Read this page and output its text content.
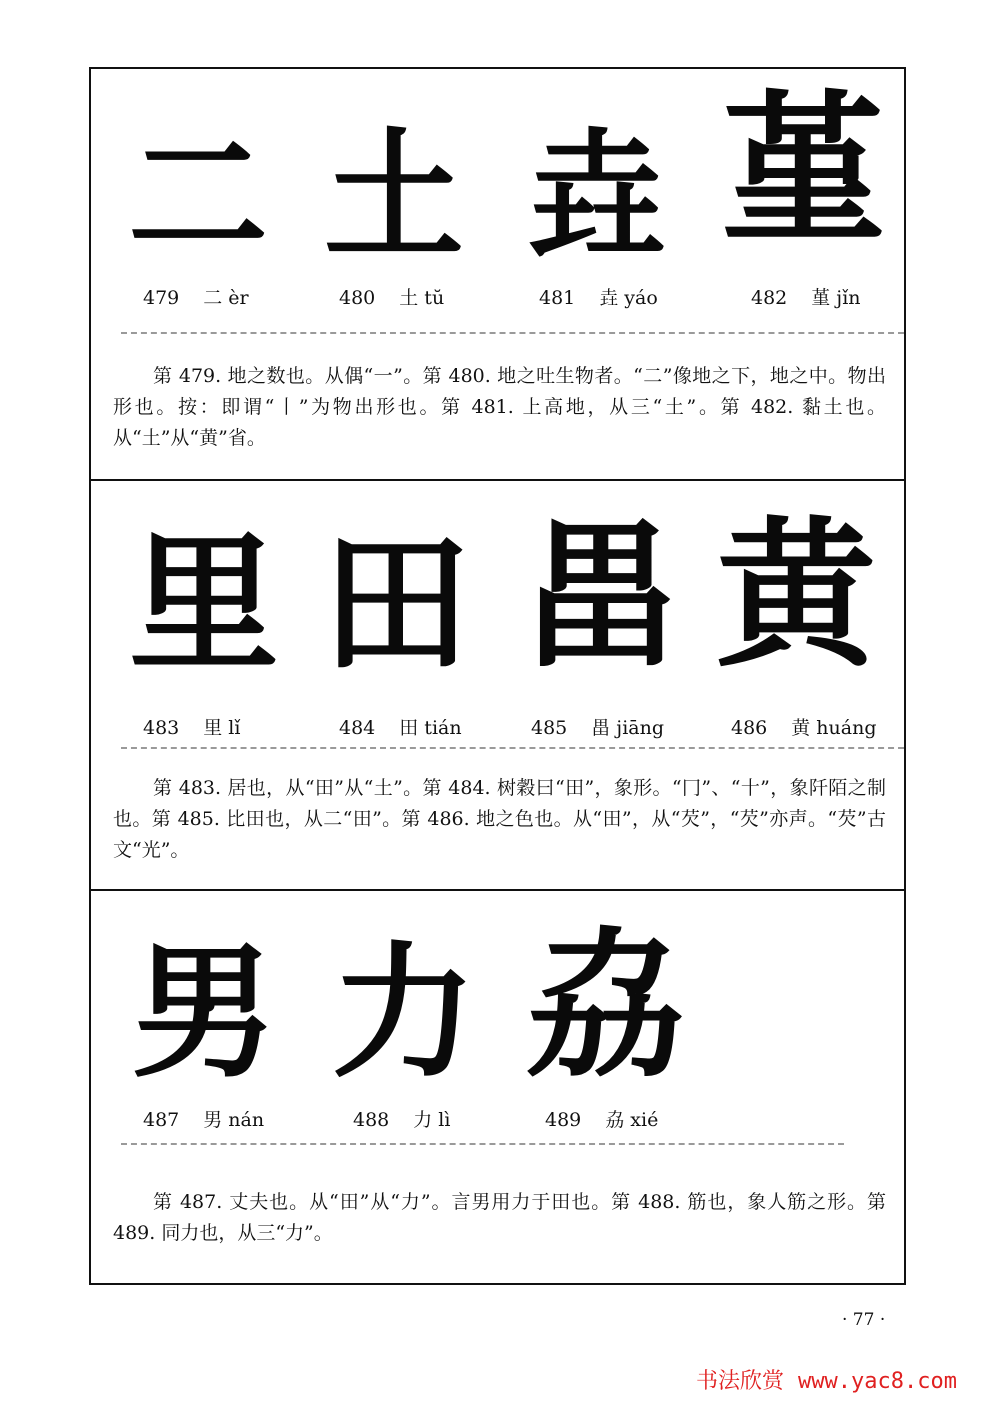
二 土 垚 堇
479 二 èr	480 土 tŭ	481 垚 yáo	482 堇 jǐn
第 479. 地之数也。从偶“一”。第 480. 地之吐生物者。“二”像地之下，地之中。物出形也。按：即谓“丨”为物出形也。第 481. 上高地，从三“土”。第 482. 黏土也。从“土”从“黄”省。
里 田 畕 黄
483 里 lǐ	484 田 tián	485 畕 jiāng	486 黄 huáng
第 483. 居也，从“田”从“土”。第 484. 树穀曰“田”，象形。“冂”、“十”，象阡陌之制也。第 485. 比田也，从二“田”。第 486. 地之色也。从“田”，从“芡”，“芡”亦声。“芡”古文“光”。
男 力 劦
487 男 nán	488 力 lì	489 劦 xié
第 487. 丈夫也。从“田”从“力”。言男用力于田也。第 488. 筋也，象人筋之形。第 489. 同力也，从三“力”。
· 77 ·
书法欣赏 www.yac8.com
